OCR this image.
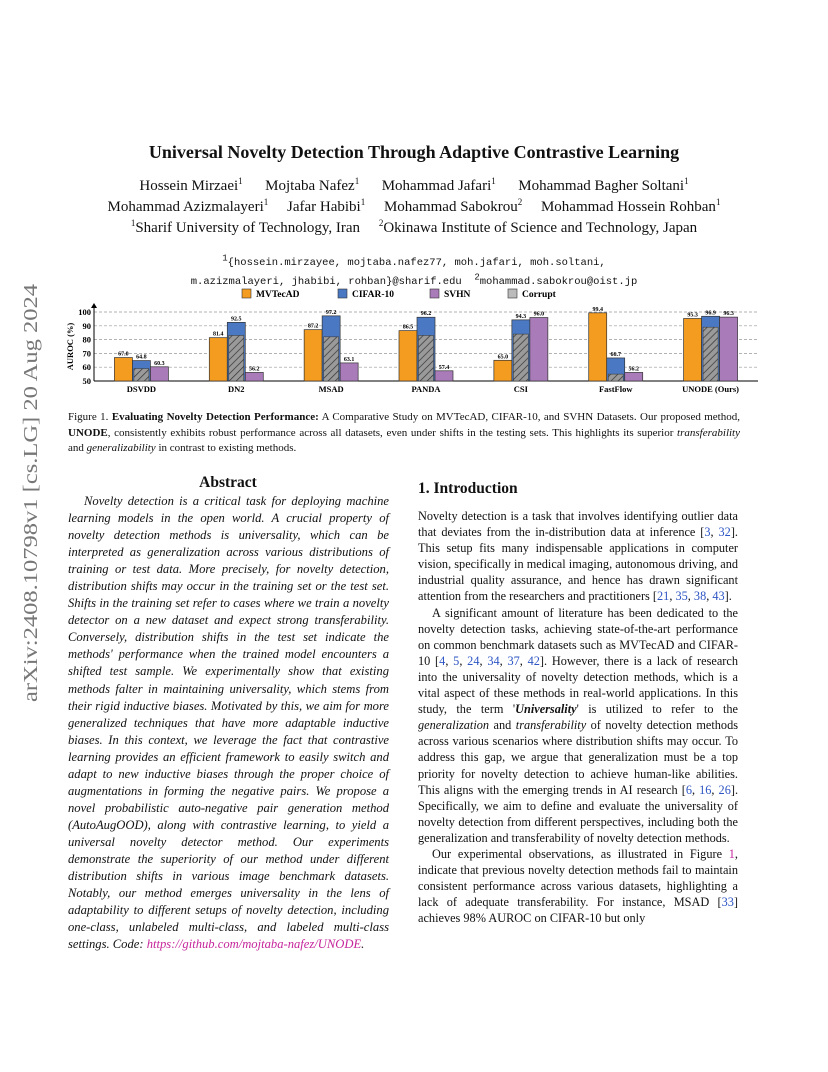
arXiv:2408.10798v1 [cs.LG] 20 Aug 2024
Universal Novelty Detection Through Adaptive Contrastive Learning
Hossein Mirzaei$^1$ Mojtaba Nafez$^1$ Mohammad Jafari$^1$ Mohammad Bagher Soltani$^1$
Mohammad Azizmalayeri$^1$ Jafar Habibi$^1$ Mohammad Sabokrou$^2$ Mohammad Hossein Rohban$^1$
$^1$Sharif University of Technology, Iran $^2$Okinawa Institute of Science and Technology, Japan
$^1${hossein.mirzayee, mojtaba.nafez77, moh.jafari, moh.soltani,
m.azizmalayeri, jhabibi, rohban}@sharif.edu $^2$mohammad.sabokrou@oist.jp
50
60
70
80
90
100
AUROC (%)
MVTecAD	CIFAR-10	SVHN	Corrupt
67.0
64.8
60.3
DSVDD
81.4
92.5
56.2
DN2
87.2
97.2
63.1
MSAD
86.5
96.2
57.4
PANDA
65.0
94.3 96.0
CSI
99.4
66.7
56.2
FastFlow
95.3 96.9 96.3
UNODE (Ours)
Figure 1. Evaluating Novelty Detection Performance: A Comparative Study on MVTecAD, CIFAR-10, and SVHN Datasets. Our proposed method, UNODE, consistently exhibits robust performance across all datasets, even under shifts in the testing sets. This highlights its superior transferability and generalizability in contrast to existing methods.
Abstract

Novelty detection is a critical task for deploying machine learning models in the open world. A crucial property of novelty detection methods is universality, which can be interpreted as generalization across various distributions of training or test data. More precisely, for novelty detection, distribution shifts may occur in the training set or the test set. Shifts in the training set refer to cases where we train a novelty detector on a new dataset and expect strong transferability. Conversely, distribution shifts in the test set indicate the methods' performance when the trained model encounters a shifted test sample. We experimentally show that existing methods falter in maintaining universality, which stems from their rigid inductive biases. Motivated by this, we aim for more generalized techniques that have more adaptable inductive biases. In this context, we leverage the fact that contrastive learning provides an efficient framework to easily switch and adapt to new inductive biases through the proper choice of augmentations in forming the negative pairs. We propose a novel probabilistic auto-negative pair generation method (AutoAugOOD), along with contrastive learning, to yield a universal novelty detector method. Our experiments demonstrate the superiority of our method under different distribution shifts in various image benchmark datasets. Notably, our method emerges universality in the lens of adaptability to different setups of novelty detection, including one-class, unlabeled multi-class, and labeled multi-class settings. Code: https://github.com/mojtaba-nafez/UNODE.

1. Introduction

Novelty detection is a task that involves identifying outlier data that deviates from the in-distribution data at inference [3, 32]. This setup fits many indispensable applications in computer vision, specifically in medical imaging, autonomous driving, and industrial quality assurance, and hence has drawn significant attention from the researchers and practitioners [21, 35, 38, 43].

A significant amount of literature has been dedicated to the novelty detection tasks, achieving state-of-the-art performance on common benchmark datasets such as MVTecAD and CIFAR-10 [4, 5, 24, 34, 37, 42]. However, there is a lack of research into the universality of novelty detection methods, which is a vital aspect of these methods in real-world applications. In this study, the term 'Universality' is utilized to refer to the generalization and transferability of novelty detection methods across various scenarios where distribution shifts may occur. To address this gap, we argue that generalization must be a top priority for novelty detection to achieve human-like abilities. This aligns with the emerging trends in AI research [6, 16, 26]. Specifically, we aim to define and evaluate the universality of novelty detection from different perspectives, including both the generalization and transferability of novelty detection methods.

Our experimental observations, as illustrated in Figure 1, indicate that previous novelty detection methods fail to maintain consistent performance across various datasets, highlighting a lack of adequate transferability. For instance, MSAD [33] achieves 98% AUROC on CIFAR-10 but only
